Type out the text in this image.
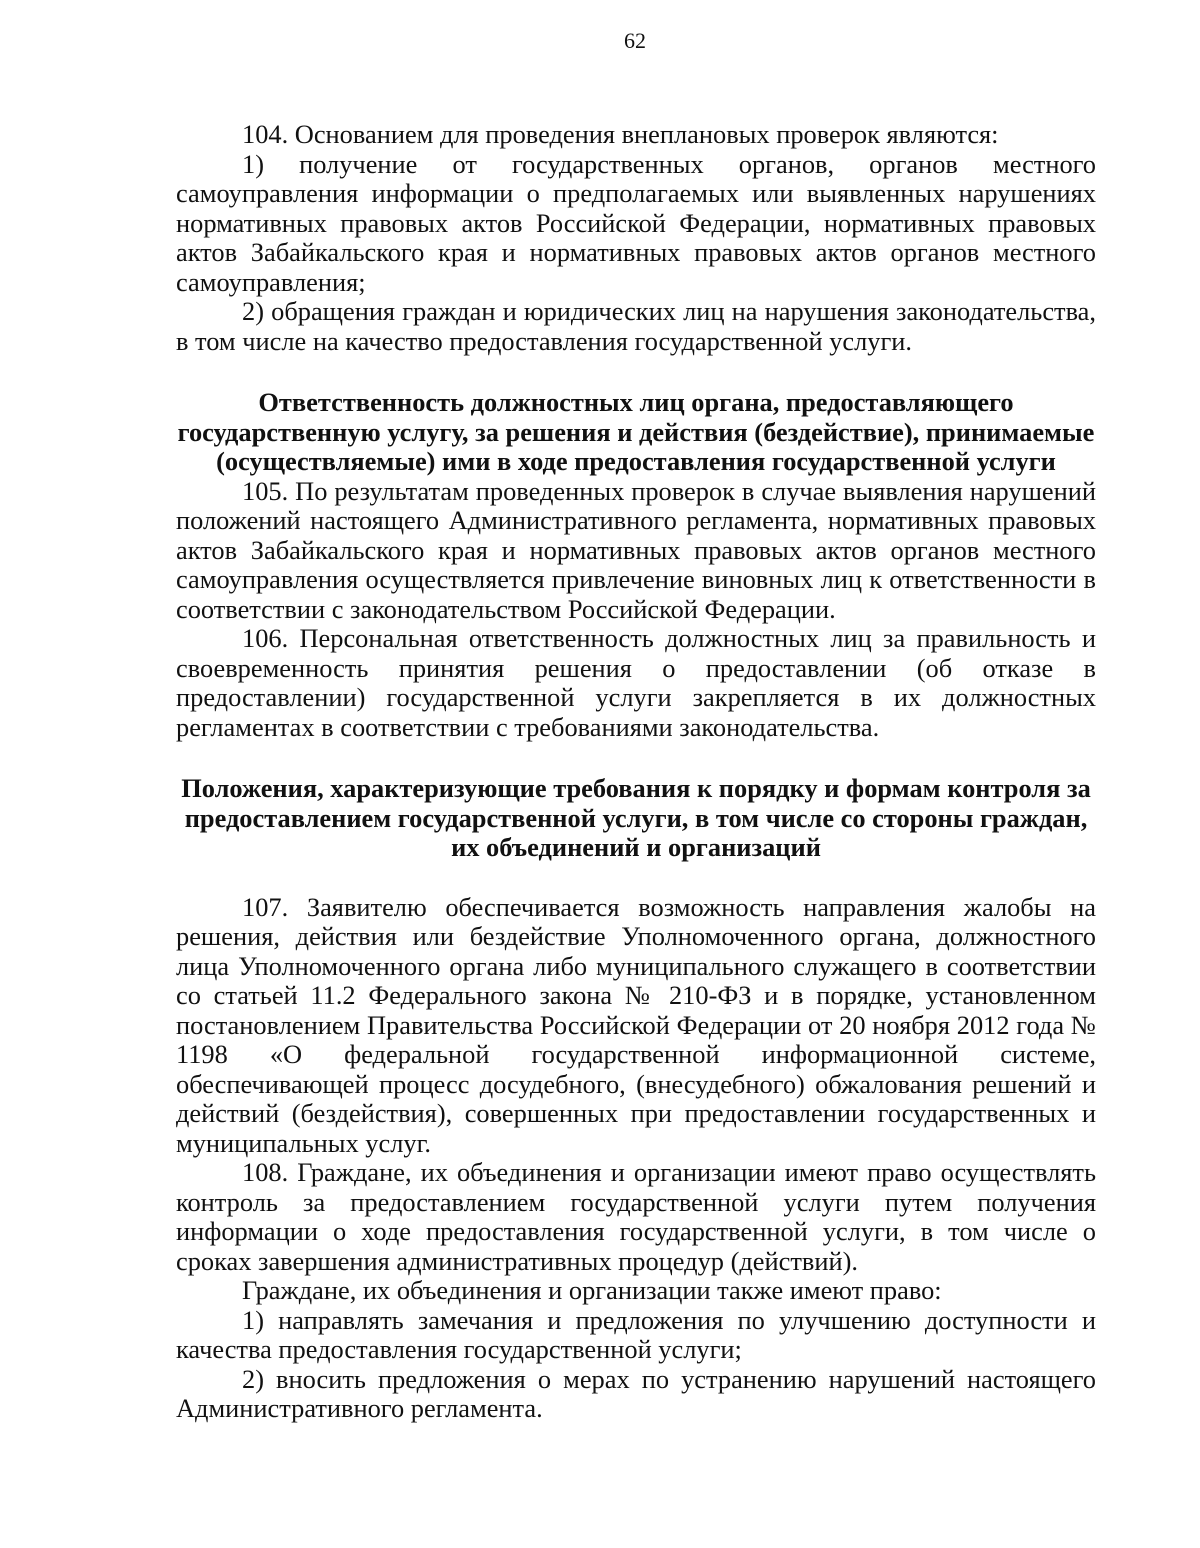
62

104. Основанием для проведения внеплановых проверок являются:

1) получение от государственных органов, органов местного самоуправления информации о предполагаемых или выявленных нарушениях нормативных правовых актов Российской Федерации, нормативных правовых актов Забайкальского края и нормативных правовых актов органов местного самоуправления;

2) обращения граждан и юридических лиц на нарушения законодательства, в том числе на качество предоставления государственной услуги.

Ответственность должностных лиц органа, предоставляющего государственную услугу, за решения и действия (бездействие), принимаемые (осуществляемые) ими в ходе предоставления государственной услуги

105. По результатам проведенных проверок в случае выявления нарушений положений настоящего Административного регламента, нормативных правовых актов Забайкальского края и нормативных правовых актов органов местного самоуправления осуществляется привлечение виновных лиц к ответственности в соответствии с законодательством Российской Федерации.

106. Персональная ответственность должностных лиц за правильность и своевременность принятия решения о предоставлении (об отказе в предоставлении) государственной услуги закрепляется в их должностных регламентах в соответствии с требованиями законодательства.

Положения, характеризующие требования к порядку и формам контроля за предоставлением государственной услуги, в том числе со стороны граждан, их объединений и организаций

107. Заявителю обеспечивается возможность направления жалобы на решения, действия или бездействие Уполномоченного органа, должностного лица Уполномоченного органа либо муниципального служащего в соответствии со статьей 11.2 Федерального закона № 210-ФЗ и в порядке, установленном постановлением Правительства Российской Федерации от 20 ноября 2012 года № 1198 «О федеральной государственной информационной системе, обеспечивающей процесс досудебного, (внесудебного) обжалования решений и действий (бездействия), совершенных при предоставлении государственных и муниципальных услуг.

108. Граждане, их объединения и организации имеют право осуществлять контроль за предоставлением государственной услуги путем получения информации о ходе предоставления государственной услуги, в том числе о сроках завершения административных процедур (действий).

Граждане, их объединения и организации также имеют право:

1) направлять замечания и предложения по улучшению доступности и качества предоставления государственной услуги;

2) вносить предложения о мерах по устранению нарушений настоящего Административного регламента.
